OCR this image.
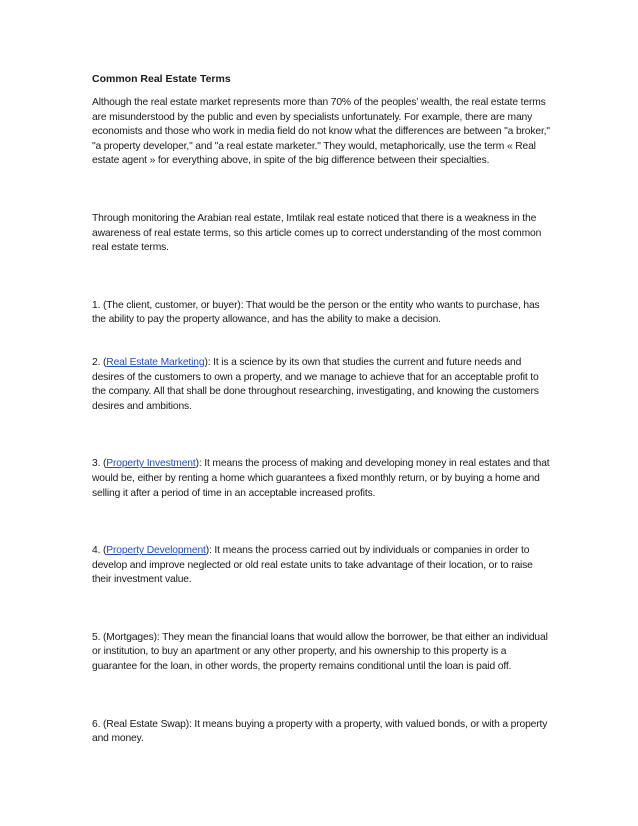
Common Real Estate Terms

Although the real estate market represents more than 70% of the peoples’ wealth, the real estate terms are misunderstood by the public and even by specialists unfortunately. For example, there are many economists and those who work in media field do not know what the differences are between "a broker," "a property developer," and "a real estate marketer." They would, metaphorically, use the term « Real estate agent » for everything above, in spite of the big difference between their specialties.

Through monitoring the Arabian real estate, Imtilak real estate noticed that there is a weakness in the awareness of real estate terms, so this article comes up to correct understanding of the most common real estate terms.

1. (The client, customer, or buyer): That would be the person or the entity who wants to purchase, has the ability to pay the property allowance, and has the ability to make a decision.

2. (Real Estate Marketing): It is a science by its own that studies the current and future needs and desires of the customers to own a property, and we manage to achieve that for an acceptable profit to the company. All that shall be done throughout researching, investigating, and knowing the customers desires and ambitions.

3. (Property Investment): It means the process of making and developing money in real estates and that would be, either by renting a home which guarantees a fixed monthly return, or by buying a home and selling it after a period of time in an acceptable increased profits.

4. (Property Development): It means the process carried out by individuals or companies in order to develop and improve neglected or old real estate units to take advantage of their location, or to raise their investment value.

5. (Mortgages): They mean the financial loans that would allow the borrower, be that either an individual or institution, to buy an apartment or any other property, and his ownership to this property is a guarantee for the loan, in other words, the property remains conditional until the loan is paid off.

6. (Real Estate Swap): It means buying a property with a property, with valued bonds, or with a property and money.
